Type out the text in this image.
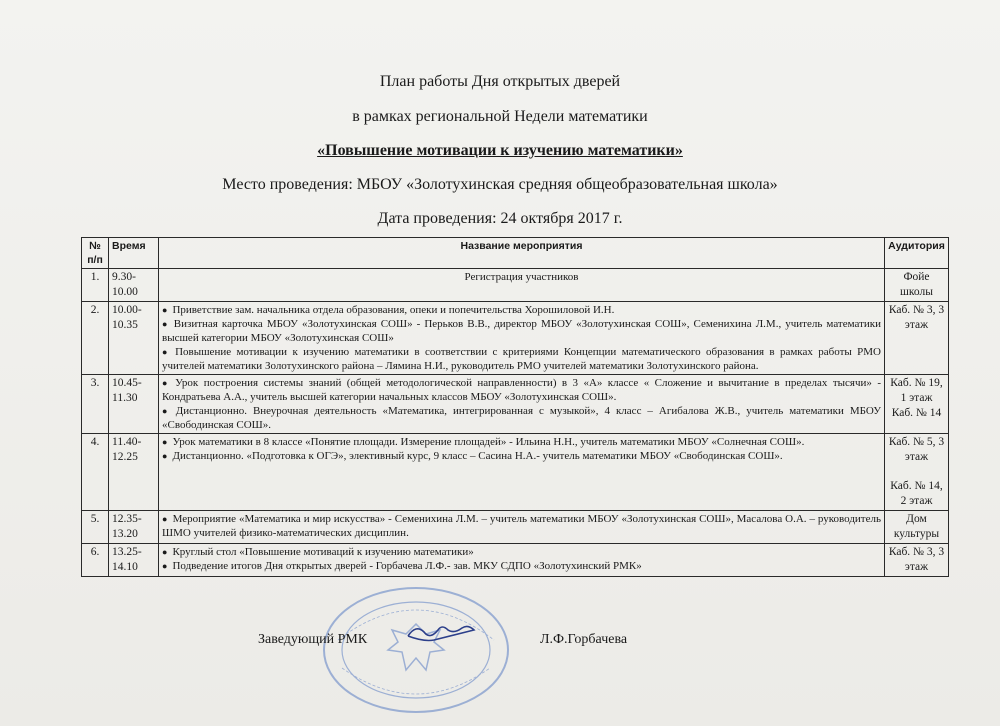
План работы Дня открытых дверей
в рамках региональной Недели математики
«Повышение мотивации к изучению математики»
Место проведения: МБОУ «Золотухинская средняя общеобразовательная школа»
Дата проведения: 24 октября 2017 г.
№ п/п	Время	Название мероприятия	Аудитория
1.	9.30-10.00	Регистрация участников	Фойе школы
2.	10.00-10.35	● Приветствие зам. начальника отдела образования, опеки и попечительства Хорошиловой И.Н.
● Визитная карточка МБОУ «Золотухинская СОШ» - Перьков В.В., директор МБОУ «Золотухинская СОШ», Семенихина Л.М., учитель математики высшей категории МБОУ «Золотухинская СОШ»
● Повышение мотивации к изучению математики в соответствии с критериями Концепции математического образования в рамках работы РМО учителей математики Золотухинского района – Лямина Н.И., руководитель РМО учителей математики Золотухинского района.	Каб. № 3, 3 этаж
3.	10.45-11.30	● Урок построения системы знаний (общей методологической направленности) в 3 «А» классе « Сложение и вычитание в пределах тысячи» - Кондратьева А.А., учитель высшей категории начальных классов МБОУ «Золотухинская СОШ».
● Дистанционно. Внеурочная деятельность «Математика, интегрированная с музыкой», 4 класс – Агибалова Ж.В., учитель математики МБОУ «Свободинская СОШ».	Каб. № 19, 1 этаж
Каб. № 14

4.	11.40-12.25	● Урок математики в 8 классе «Понятие площади. Измерение площадей» - Ильина Н.Н., учитель математики МБОУ «Солнечная СОШ».
● Дистанционно. «Подготовка к ОГЭ», элективный курс, 9 класс – Сасина Н.А.- учитель математики МБОУ «Свободинская СОШ».	Каб. № 5, 3 этаж
Каб. № 14, 2 этаж

5.	12.35-13.20	● Мероприятие «Математика и мир искусства» - Семенихина Л.М. – учитель математики МБОУ «Золотухинская СОШ», Масалова О.А. – руководитель ШМО учителей физико-математических дисциплин.	Дом культуры
6.	13.25-14.10	● Круглый стол «Повышение мотиваций к изучению математики»
● Подведение итогов Дня открытых дверей - Горбачева Л.Ф.- зав. МКУ СДПО «Золотухинский РМК»	Каб. № 3, 3 этаж
Заведующий РМК	Л.Ф.Горбачева
